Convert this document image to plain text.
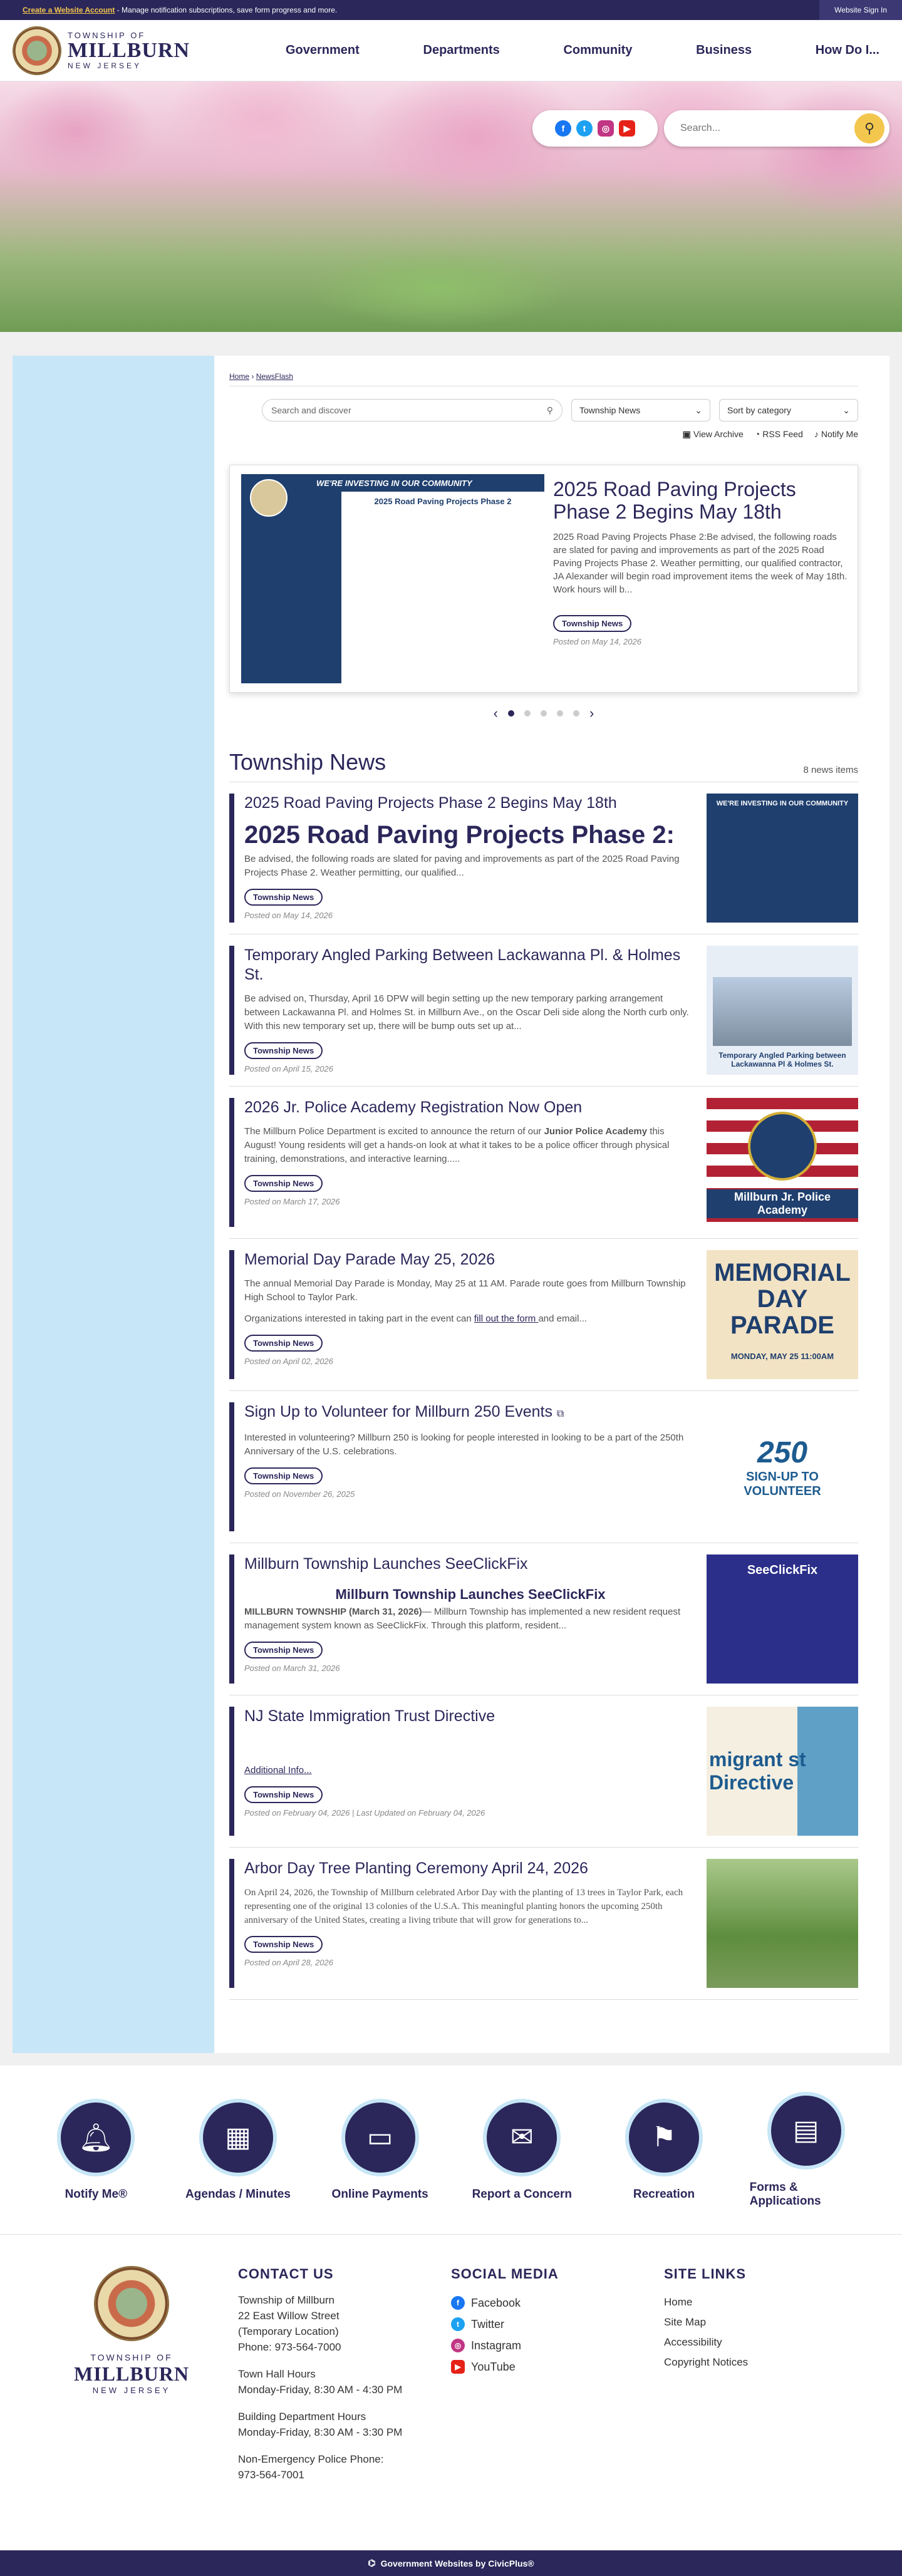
Create a Website Account - Manage notification subscriptions, save form progress and more.	Website Sign In
TOWNSHIP OF
MILLBURN
NEW JERSEY
Government	Departments	Community	Business	How Do I...
f	t	◎	▶
Search...	⚲
Home › NewsFlash
Search and discover	⚲	Township News	⌄	Sort by category	⌄
▣ View Archive ◔ RSS Feed ♪ Notify Me
WE'RE INVESTING IN OUR COMMUNITY
2025 Road Paving Projects Phase 2
2025 Road Paving Projects Phase 2 Begins May 18th

2025 Road Paving Projects Phase 2:Be advised, the following roads are slated for paving and improvements as part of the 2025 Road Paving Projects Phase 2. Weather permitting, our qualified contractor, JA Alexander will begin road improvement items the week of May 18th. Work hours will b...

Township News
Posted on May 14, 2026
‹	›
Township News	8 news items
2025 Road Paving Projects Phase 2 Begins May 18th
2025 Road Paving Projects Phase 2:

Be advised, the following roads are slated for paving and improvements as part of the 2025 Road Paving Projects Phase 2. Weather permitting, our qualified...

Township News
Posted on May 14, 2026
WE'RE INVESTING IN OUR COMMUNITY
Temporary Angled Parking Between Lackawanna Pl. & Holmes St.

Be advised on, Thursday, April 16 DPW will begin setting up the new temporary parking arrangement between Lackawanna Pl. and Holmes St. in Millburn Ave., on the Oscar Deli side along the North curb only. With this new temporary set up, there will be bump outs set up at...

Township News
Posted on April 15, 2026
Temporary Angled Parking between Lackawanna Pl & Holmes St.
2026 Jr. Police Academy Registration Now Open

The Millburn Police Department is excited to announce the return of our Junior Police Academy this August! Young residents will get a hands-on look at what it takes to be a police officer through physical training, demonstrations, and interactive learning.....

Township News
Posted on March 17, 2026	Millburn Jr. Police Academy
Memorial Day Parade May 25, 2026

The annual Memorial Day Parade is Monday, May 25 at 11 AM. Parade route goes from Millburn Township High School to Taylor Park.

Organizations interested in taking part in the event can fill out the form and email...

Township News
Posted on April 02, 2026
MEMORIAL DAY PARADE
MONDAY, MAY 25 11:00AM
Sign Up to Volunteer for Millburn 250 Events ⧉

Interested in volunteering? Millburn 250 is looking for people interested in looking to be a part of the 250th Anniversary of the U.S. celebrations.

Township News
Posted on November 26, 2025
250
SIGN-UP TO VOLUNTEER
Millburn Township Launches SeeClickFix
Millburn Township Launches SeeClickFix

MILLBURN TOWNSHIP (March 31, 2026)— Millburn Township has implemented a new resident request management system known as SeeClickFix. Through this platform, resident...

Township News
Posted on March 31, 2026
SeeClickFix
NJ State Immigration Trust Directive

Additional Info...

Township News
Posted on February 04, 2026 | Last Updated on February 04, 2026
migrant st Directive
Arbor Day Tree Planting Ceremony April 24, 2026

On April 24, 2026, the Township of Millburn celebrated Arbor Day with the planting of 13 trees in Taylor Park, each representing one of the original 13 colonies of the U.S.A. This meaningful planting honors the upcoming 250th anniversary of the United States, creating a living tribute that will grow for generations to...

Township News
Posted on April 28, 2026
🔔︎
Notify Me®
▦
Agendas / Minutes
▭
Online Payments
✉
Report a Concern
⚑
Recreation
▤
Forms & Applications
TOWNSHIP OF
MILLBURN
NEW JERSEY
CONTACT US
Township of Millburn
22 East Willow Street
(Temporary Location)
Phone: 973-564-7000
Town Hall Hours
Monday-Friday, 8:30 AM - 4:30 PM
Building Department Hours
Monday-Friday, 8:30 AM - 3:30 PM
Non-Emergency Police Phone:
973-564-7001
SOCIAL MEDIA
f	Facebook
t	Twitter
◎ Instagram
▶ YouTube
SITE LINKS
Home
Site Map
Accessibility
Copyright Notices
⌬ Government Websites by CivicPlus®
